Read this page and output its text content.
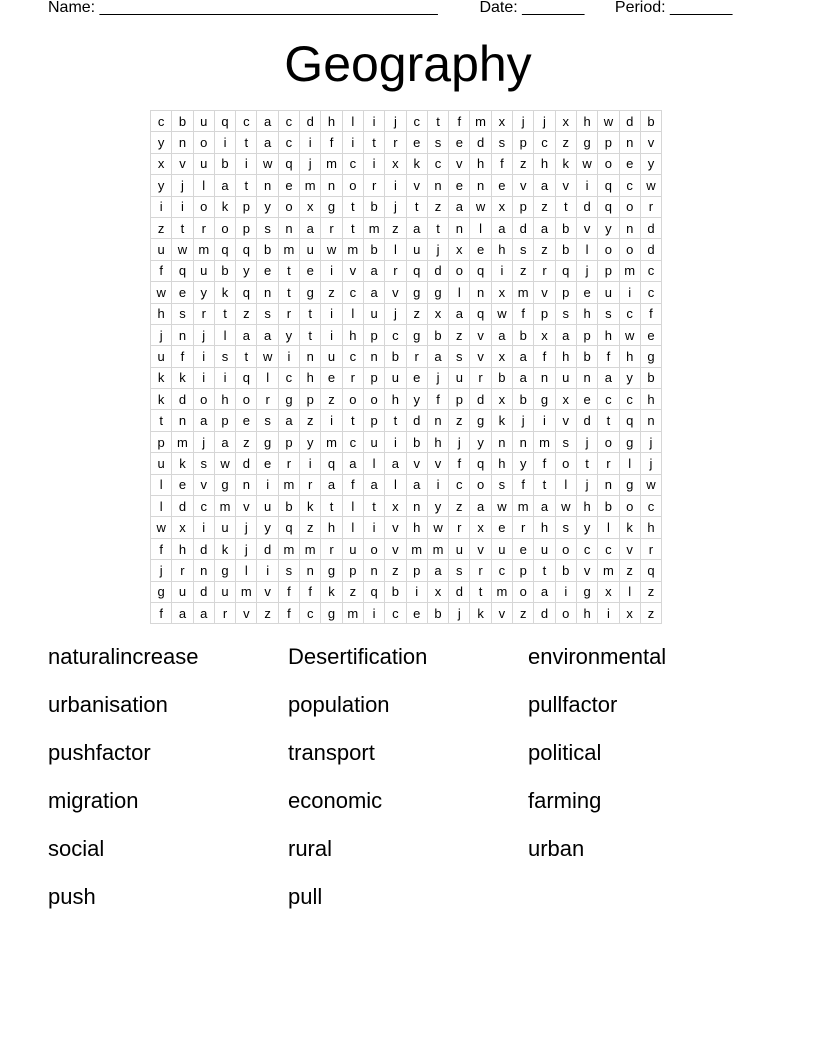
Name: ______________________________________	Date: _______ Period: _______
Geography
c	b	u	q	c	a	c	d	h	l	i	j	c	t	f	m	x	j	j	x	h	w	d	b
y	n	o	i	t	a	c	i	f	i	t	r	e	s	e	d	s	p	c	z	g	p	n	v
x	v	u	b	i	w	q	j	m	c	i	x	k	c	v	h	f	z	h	k	w	o	e	y
y	j	l	a	t	n	e	m	n	o	r	i	v	n	e	n	e	v	a	v	i	q	c	w
i	i	o	k	p	y	o	x	g	t	b	j	t	z	a	w	x	p	z	t	d	q	o	r
z	t	r	o	p	s	n	a	r	t	m	z	a	t	n	l	a	d	a	b	v	y	n	d
u	w	m	q	q	b	m	u	w	m	b	l	u	j	x	e	h	s	z	b	l	o	o	d
f	q	u	b	y	e	t	e	i	v	a	r	q	d	o	q	i	z	r	q	j	p	m	c
w	e	y	k	q	n	t	g	z	c	a	v	g	g	l	n	x	m	v	p	e	u	i	c
h	s	r	t	z	s	r	t	i	l	u	j	z	x	a	q	w	f	p	s	h	s	c	f
j	n	j	l	a	a	y	t	i	h	p	c	g	b	z	v	a	b	x	a	p	h	w	e
u	f	i	s	t	w	i	n	u	c	n	b	r	a	s	v	x	a	f	h	b	f	h	g
k	k	i	i	q	l	c	h	e	r	p	u	e	j	u	r	b	a	n	u	n	a	y	b
k	d	o	h	o	r	g	p	z	o	o	h	y	f	p	d	x	b	g	x	e	c	c	h
t	n	a	p	e	s	a	z	i	t	p	t	d	n	z	g	k	j	i	v	d	t	q	n
p	m	j	a	z	g	p	y	m	c	u	i	b	h	j	y	n	n	m	s	j	o	g	j
u	k	s	w	d	e	r	i	q	a	l	a	v	v	f	q	h	y	f	o	t	r	l	j
l	e	v	g	n	i	m	r	a	f	a	l	a	i	c	o	s	f	t	l	j	n	g	w
l	d	c	m	v	u	b	k	t	l	t	x	n	y	z	a	w	m	a	w	h	b	o	c
w	x	i	u	j	y	q	z	h	l	i	v	h	w	r	x	e	r	h	s	y	l	k	h
f	h	d	k	j	d	m	m	r	u	o	v	m	m	u	v	u	e	u	o	c	c	v	r
j	r	n	g	l	i	s	n	g	p	n	z	p	a	s	r	c	p	t	b	v	m	z	q
g	u	d	u	m	v	f	f	k	z	q	b	i	x	d	t	m	o	a	i	g	x	l	z
f	a	a	r	v	z	f	c	g	m	i	c	e	b	j	k	v	z	d	o	h	i	x	z
naturalincrease	Desertification	environmental
urbanisation	population	pullfactor
pushfactor	transport	political
migration	economic	farming
social	rural	urban
push	pull
